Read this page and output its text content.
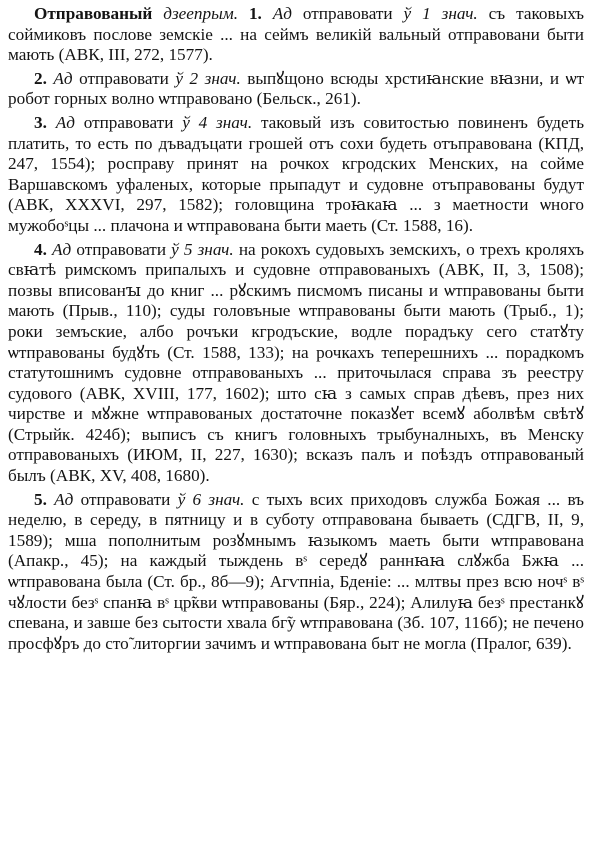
Отправованый дзеепрым. 1. Ад отправовати ў 1 знач. съ таковыхъ соймиковъ послове земскіе ... на сеймъ великій вальный отправовани быти мають (АВК, III, 272, 1577).

2. Ад отправовати ў 2 знач. выпꙋщоно всюды хрстиꙗнские вꙗзни, и ѡт робот горных волно ѡтправовано (Бельск., 261).

3. Ад отправовати ў 4 знач. таковый изъ совитостью повиненъ будеть платить, то есть по дъвадъцати грошей отъ сохи будеть отъправована (КПД, 247, 1554); росправу принят на рочкох кгродских Менских, на сойме Варшавскомъ уфаленых, которые прыпадут и судовне отъправованы будут (АВК, XXXVI, 297, 1582); головщина троꙗкаꙗ ... з маетности ѡного мужобоˢцы ... плачона и ѡтправована быти маеть (Ст. 1588, 16).

4. Ад отправовати ў 5 знач. на рокохъ судовыхъ земскихъ, о трехъ кроляхъ свꙗтѣ римскомъ припалыхъ и судовне отправованыхъ (АВК, II, 3, 1508); позвы вписованꙑ до книг ... рꙋскимъ писмомъ писаны и ѡтправованы быти мають (Прыв., 110); суды головъные ѡтправованы быти мають (Трыб., 1); роки земъские, албо рочъки кгродъские, водле порадъку сего статꙋту ѡтправованы будꙋть (Ст. 1588, 133); на рочкахъ теперешнихъ ... порадкомъ статутошнимъ судовне отправованыхъ ... приточылася справа зъ реестру судового (АВК, XVIII, 177, 1602); што сꙗ з самых справ дѣевъ, през них чирстве и мꙋжне ѡтправованых достаточне показꙋет всемꙋ аболвѣм свѣтꙋ (Стрыйк. 424б); выписъ съ книгъ головныхъ трыбуналныхъ, въ Менску отправованыхъ (ИЮМ, II, 227, 1630); всказъ палъ и поѣздъ отправованый былъ (АВК, XV, 408, 1680).

5. Ад отправовати ў 6 знач. с тыхъ всих приходовъ служба Божая ... въ неделю, в середу, в пятницу и в суботу отправована бываеть (СДГВ, II, 9, 1589); мша пополнитым розꙋмнымъ ꙗзыкомъ маеть быти ѡтправована (Апакр., 45); на каждый тыждень вˢ середꙋ раннꙗꙗ слꙋжба Бжꙗ ... ѡтправована была (Ст. бр., 8б—9); Агѵпніа, Бденіе: ... млтвы през всю ночˢ вˢ чꙋлости безˢ спанꙗ вˢ цр̃кви ѡтправованы (Бяр., 224); Алилуꙗ безˢ престанкꙋ спевана, и завше без сытости хвала бг̃у ѡтправована (Зб. 107, 116б); не печено просфꙋръ до сто̃ литоргии зачимъ и ѡтправована быт не могла (Пралог, 639).
